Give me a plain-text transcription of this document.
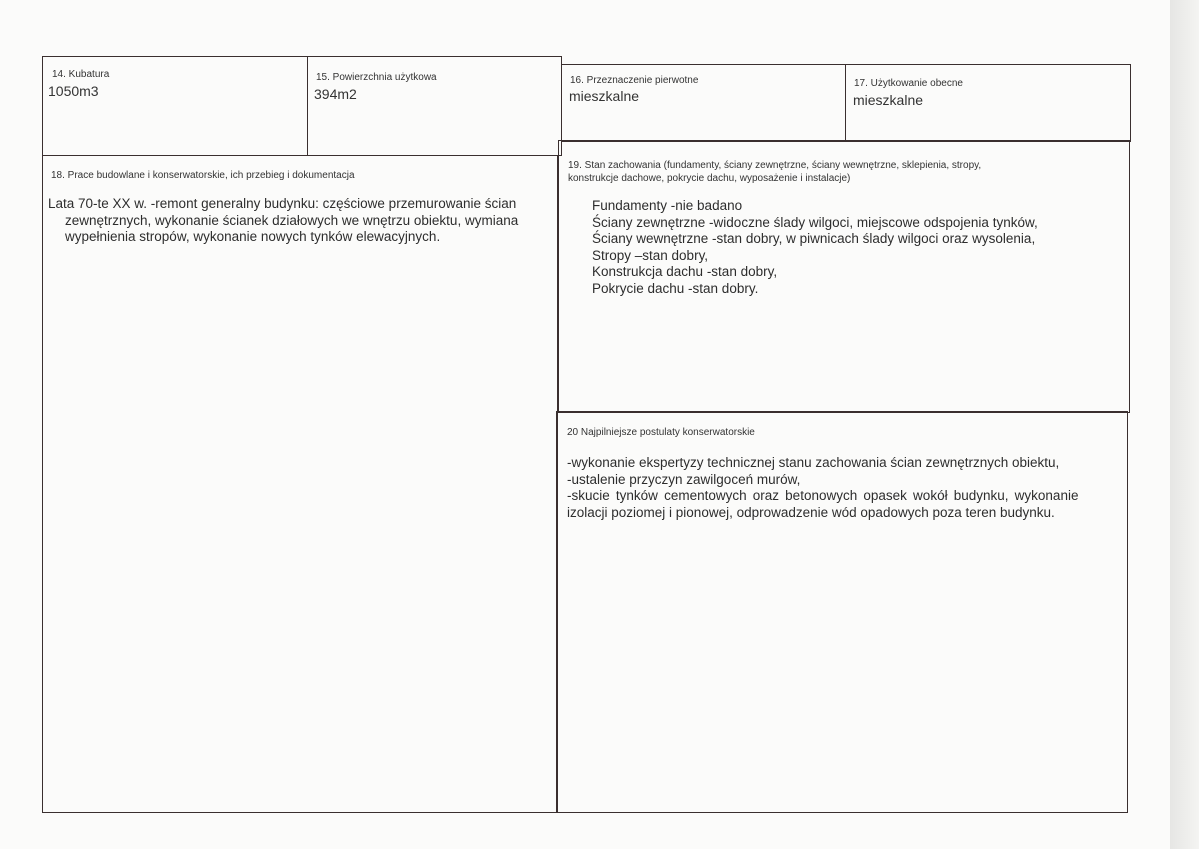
14. Kubatura
1050m3
15. Powierzchnia użytkowa
394m2
16. Przeznaczenie pierwotne
mieszkalne
17. Użytkowanie obecne
mieszkalne
18. Prace budowlane i konserwatorskie, ich przebieg i dokumentacja
Lata 70-te XX w. -remont generalny budynku: częściowe przemurowanie ścian
zewnętrznych, wykonanie ścianek działowych we wnętrzu obiektu, wymiana
wypełnienia stropów, wykonanie nowych tynków elewacyjnych.
19. Stan zachowania (fundamenty, ściany zewnętrzne, ściany wewnętrzne, sklepienia, stropy,
konstrukcje dachowe, pokrycie dachu, wyposażenie i instalacje)
Fundamenty -nie badano
Ściany zewnętrzne -widoczne ślady wilgoci, miejscowe odspojenia tynków,
Ściany wewnętrzne -stan dobry, w piwnicach ślady wilgoci oraz wysolenia,
Stropy –stan dobry,
Konstrukcja dachu -stan dobry,
Pokrycie dachu -stan dobry.
20 Najpilniejsze postulaty konserwatorskie
-wykonanie ekspertyzy technicznej stanu zachowania ścian zewnętrznych obiektu,
-ustalenie przyczyn zawilgoceń murów,
-skucie tynków cementowych oraz betonowych opasek wokół budynku, wykonanie
izolacji poziomej i pionowej, odprowadzenie wód opadowych poza teren budynku.
